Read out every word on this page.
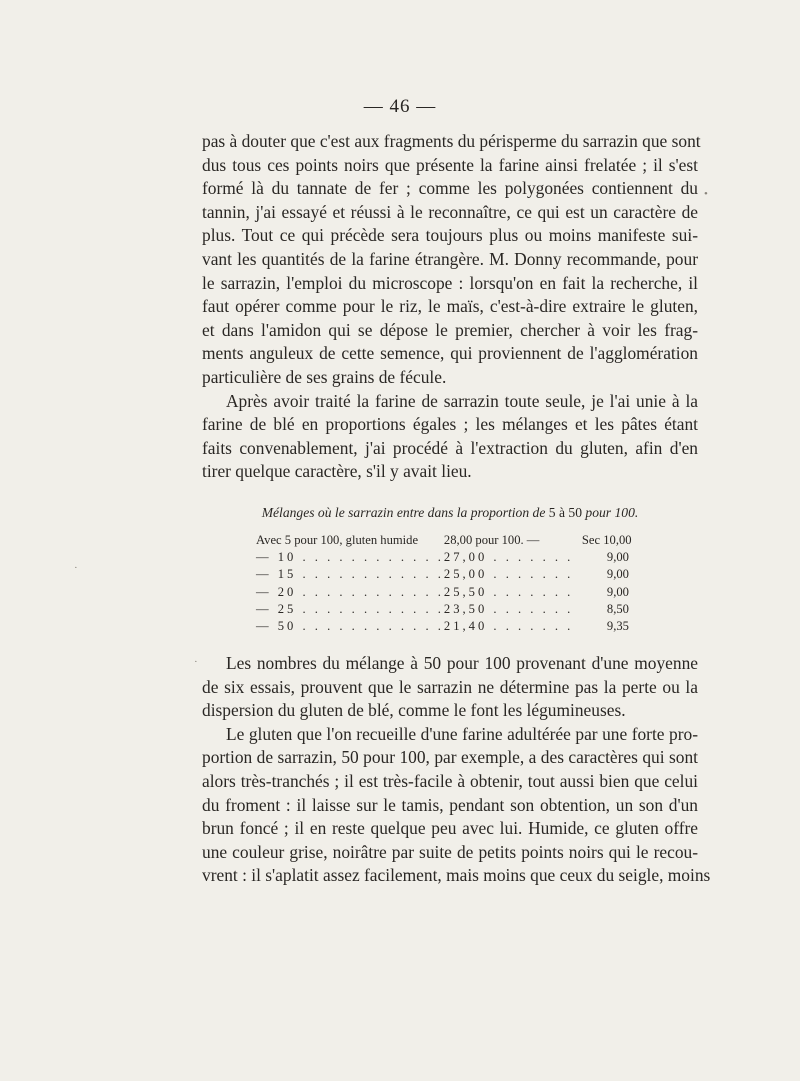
— 46 —

pas à douter que c'est aux fragments du périsperme du sarrazin que sont
dus tous ces points noirs que présente la farine ainsi frelatée ; il s'est
formé là du tannate de fer ; comme les polygonées contiennent du
tannin, j'ai essayé et réussi à le reconnaître, ce qui est un caractère de
plus. Tout ce qui précède sera toujours plus ou moins manifeste sui-
vant les quantités de la farine étrangère. M. Donny recommande, pour
le sarrazin, l'emploi du microscope : lorsqu'on en fait la recherche, il
faut opérer comme pour le riz, le maïs, c'est-à-dire extraire le gluten,
et dans l'amidon qui se dépose le premier, chercher à voir les frag-
ments anguleux de cette semence, qui proviennent de l'agglomération
particulière de ses grains de fécule.

Après avoir traité la farine de sarrazin toute seule, je l'ai unie à la
farine de blé en proportions égales ; les mélanges et les pâtes étant
faits convenablement, j'ai procédé à l'extraction du gluten, afin d'en
tirer quelque caractère, s'il y avait lieu.

Mélanges où le sarrazin entre dans la proportion de 5 à 50 pour 100.
Avec 5 pour 100, gluten humide	28,00 pour 100. —	Sec 10,00
— 10 . . . . . . . . . . . .	27,00 . . . . . . .	9,00
— 15 . . . . . . . . . . . .	25,00 . . . . . . .	9,00
— 20 . . . . . . . . . . . .	25,50 . . . . . . .	9,00
— 25 . . . . . . . . . . . .	23,50 . . . . . . .	8,50
— 50 . . . . . . . . . . . .	21,40 . . . . . . .	9,35

Les nombres du mélange à 50 pour 100 provenant d'une moyenne
de six essais, prouvent que le sarrazin ne détermine pas la perte ou la
dispersion du gluten de blé, comme le font les légumineuses.

Le gluten que l'on recueille d'une farine adultérée par une forte pro-
portion de sarrazin, 50 pour 100, par exemple, a des caractères qui sont
alors très-tranchés ; il est très-facile à obtenir, tout aussi bien que celui
du froment : il laisse sur le tamis, pendant son obtention, un son d'un
brun foncé ; il en reste quelque peu avec lui. Humide, ce gluten offre
une couleur grise, noirâtre par suite de petits points noirs qui le recou-
vrent : il s'aplatit assez facilement, mais moins que ceux du seigle, moins

•
·
·
